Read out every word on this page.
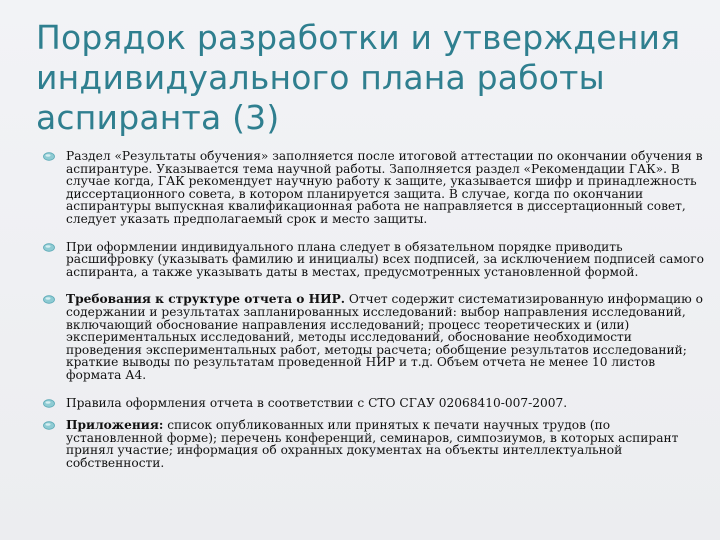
Порядок разработки и утверждения индивидуального плана работы аспиранта (3)
Раздел «Результаты обучения» заполняется после итоговой аттестации по окончании обучения в аспирантуре. Указывается тема научной работы. Заполняется раздел «Рекомендации ГАК». В случае когда, ГАК рекомендует научную работу к защите, указывается шифр и принадлежность диссертационного совета, в котором планируется защита. В случае, когда по окончании аспирантуры выпускная квалификационная работа не направляется в диссертационный совет, следует указать предполагаемый срок и место защиты.
При оформлении индивидуального плана следует в обязательном порядке приводить расшифровку (указывать фамилию и инициалы) всех подписей, за исключением подписей самого аспиранта, а также указывать даты в местах, предусмотренных установленной формой.
Требования к структуре отчета о НИР. Отчет содержит систематизированную информацию о содержании и результатах запланированных исследований: выбор направления исследований, включающий обоснование направления исследований; процесс теоретических и (или) экспериментальных исследований, методы исследований, обоснование необходимости проведения экспериментальных работ, методы расчета; обобщение результатов исследований; краткие выводы по результатам проведенной НИР и т.д. Объем отчета не менее 10 листов формата А4.
Правила оформления отчета в соответствии с СТО СГАУ 02068410-007-2007.
Приложения: список опубликованных или принятых к печати научных трудов (по установленной форме); перечень конференций, семинаров, симпозиумов, в которых аспирант принял участие; информация об охранных документах на объекты интеллектуальной собственности.
